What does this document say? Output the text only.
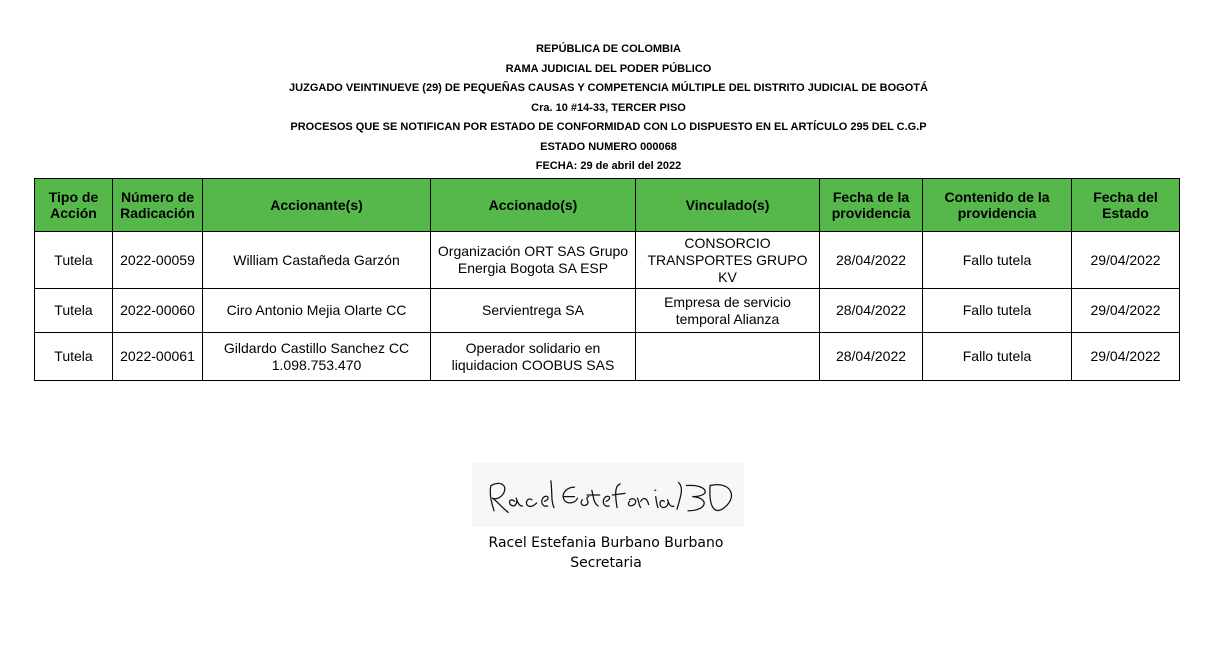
REPÚBLICA DE COLOMBIA
RAMA JUDICIAL DEL PODER PÚBLICO
JUZGADO VEINTINUEVE (29) DE PEQUEÑAS CAUSAS Y COMPETENCIA MÚLTIPLE DEL DISTRITO JUDICIAL DE BOGOTÁ
Cra. 10 #14-33, TERCER PISO
PROCESOS QUE SE NOTIFICAN POR ESTADO DE CONFORMIDAD CON LO DISPUESTO EN EL ARTÍCULO 295 DEL C.G.P
ESTADO NUMERO 000068
FECHA: 29 de abril del 2022
Tipo de Acción	Número de Radicación	Accionante(s)	Accionado(s)	Vinculado(s)	Fecha de la providencia	Contenido de la providencia	Fecha del Estado
Tutela	2022-00059	William Castañeda Garzón	Organización ORT SAS Grupo Energia Bogota SA ESP	CONSORCIO TRANSPORTES GRUPO KV	28/04/2022	Fallo tutela	29/04/2022
Tutela	2022-00060	Ciro Antonio Mejia Olarte CC	Servientrega SA	Empresa de servicio temporal Alianza	28/04/2022	Fallo tutela	29/04/2022
Tutela	2022-00061	Gildardo Castillo Sanchez CC 1.098.753.470	Operador solidario en liquidacion COOBUS SAS		28/04/2022	Fallo tutela	29/04/2022
Racel Estefania Burbano Burbano
Secretaria
